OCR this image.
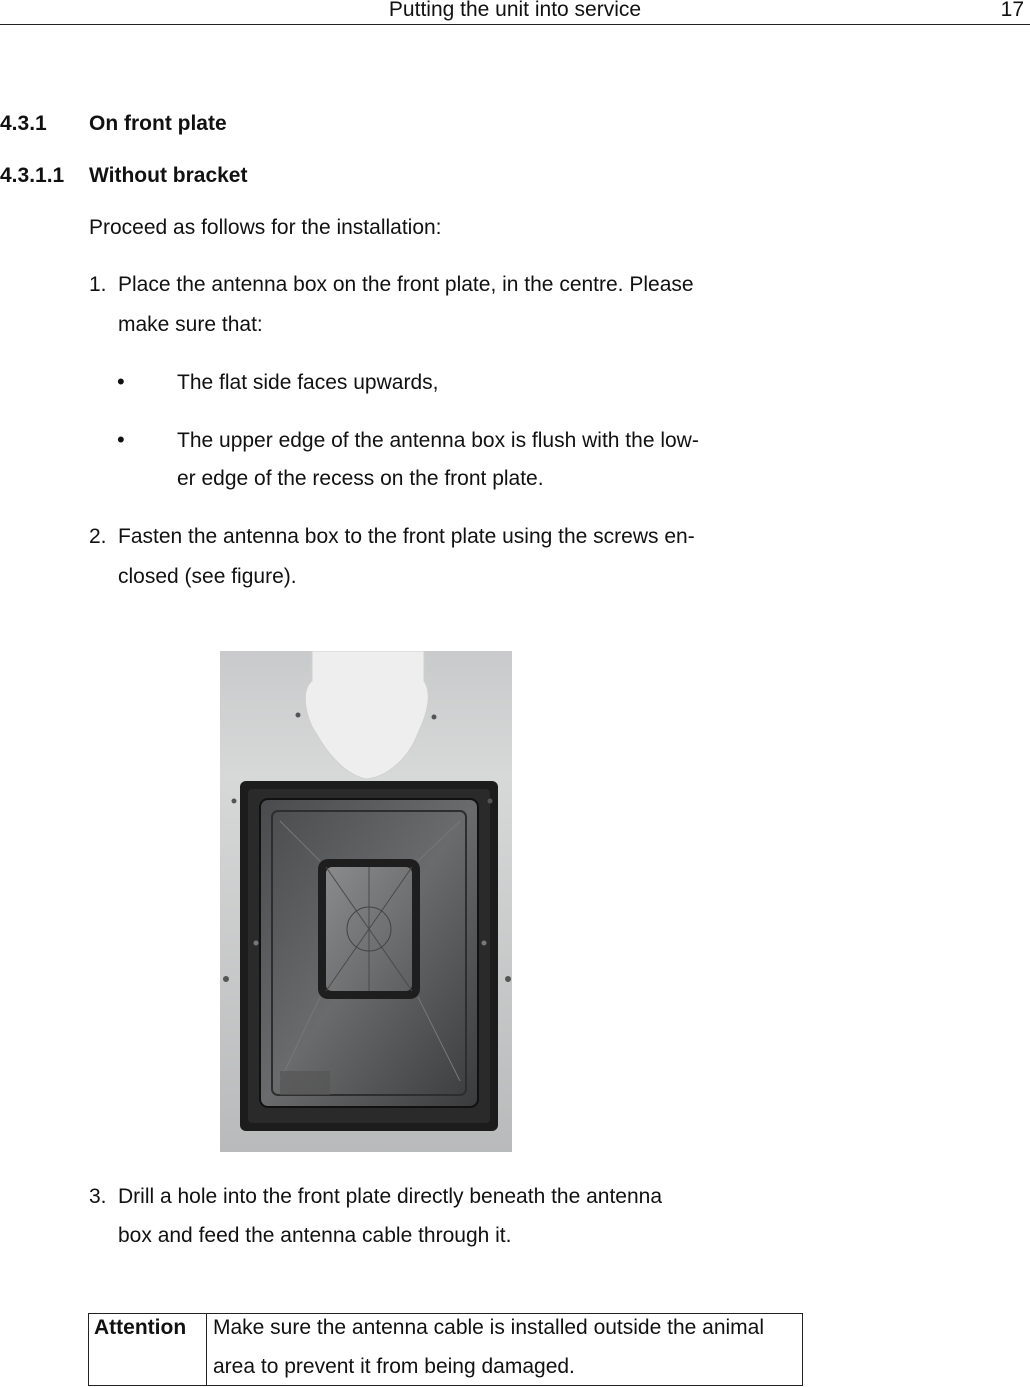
Putting the unit into service	17
4.3.1 On front plate
4.3.1.1 Without bracket
Proceed as follows for the installation:
1. Place the antenna box on the front plate, in the centre. Please
make sure that:
• The flat side faces upwards,
• The upper edge of the antenna box is flush with the low-
er edge of the recess on the front plate.
2. Fasten the antenna box to the front plate using the screws en-
closed (see figure).
3. Drill a hole into the front plate directly beneath the antenna
box and feed the antenna cable through it.
Attention Make sure the antenna cable is installed outside the animal
area to prevent it from being damaged.
